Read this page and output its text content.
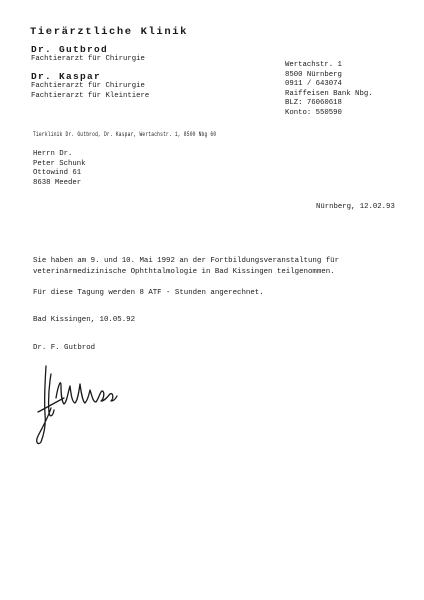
Tierärztliche Klinik
Dr. Gutbrod
Fachtierarzt für Chirurgie
Dr. Kaspar
Fachtierarzt für Chirurgie
Fachtierarzt für Kleintiere
Wertachstr. 1
8500 Nürnberg
0911 / 643074
Raiffeisen Bank Nbg.
BLZ: 76060618
Konto: 550590
Tierklinik Dr. Gutbrod, Dr. Kaspar, Wertachstr. 1, 8500 Nbg 60
Herrn Dr.
Peter Schunk
Ottowind 61
8638 Meeder
Nürnberg, 12.02.93
Sie haben am 9. und 10. Mai 1992 an der Fortbildungsveranstaltung für
veterinärmedizinische Ophthtalmologie in Bad Kissingen teilgenommen.
Für diese Tagung werden 8 ATF - Stunden angerechnet.
Bad Kissingen, 10.05.92
Dr. F. Gutbrod
